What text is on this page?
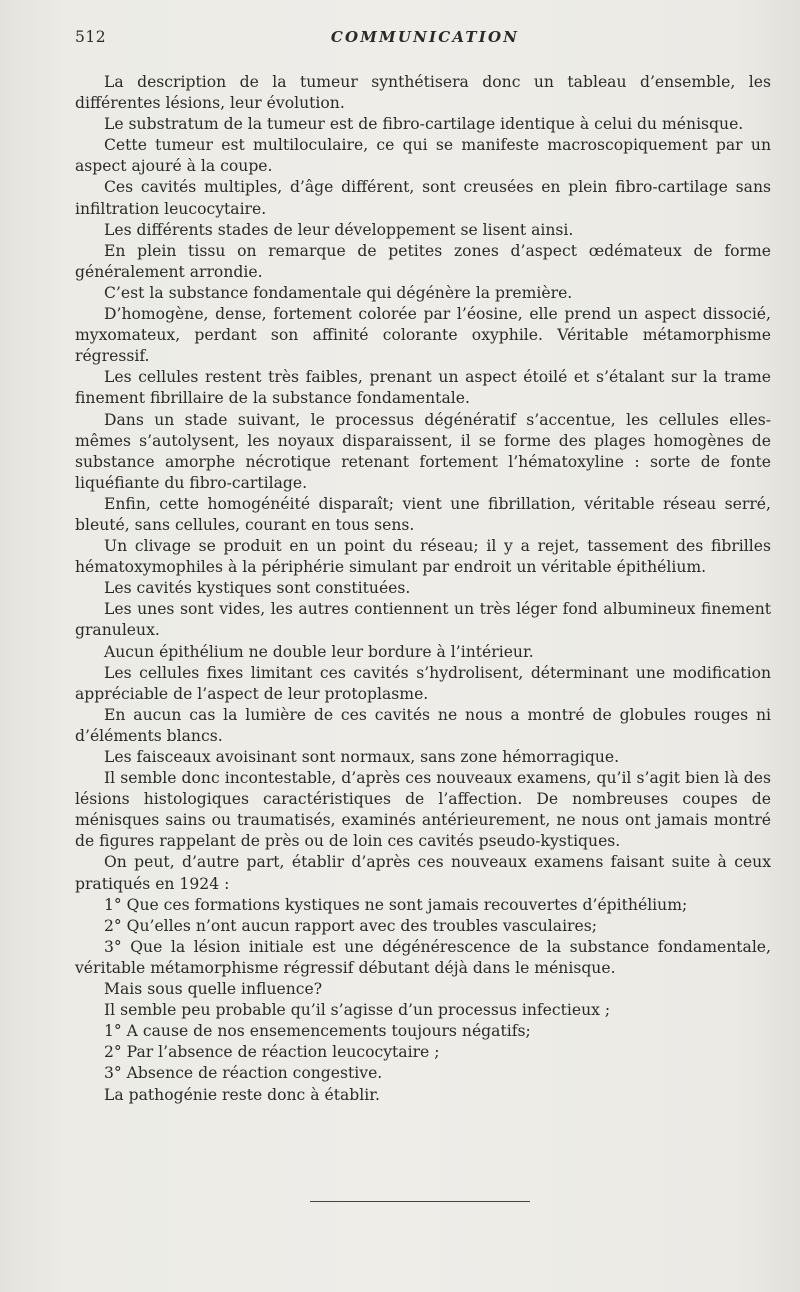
512	COMMUNICATION

La description de la tumeur synthétisera donc un tableau d’ensemble, les différentes lésions, leur évolution.

Le substratum de la tumeur est de fibro-cartilage identique à celui du ménisque.

Cette tumeur est multiloculaire, ce qui se manifeste macroscopiquement par un aspect ajouré à la coupe.

Ces cavités multiples, d’âge différent, sont creusées en plein fibro-cartilage sans infiltration leucocytaire.

Les différents stades de leur développement se lisent ainsi.

En plein tissu on remarque de petites zones d’aspect œdémateux de forme généralement arrondie.

C’est la substance fondamentale qui dégénère la première.

D’homogène, dense, fortement colorée par l’éosine, elle prend un aspect dissocié, myxomateux, perdant son affinité colorante oxyphile. Véritable métamorphisme régressif.

Les cellules restent très faibles, prenant un aspect étoilé et s’étalant sur la trame finement fibrillaire de la substance fondamentale.

Dans un stade suivant, le processus dégénératif s’accentue, les cellules elles-mêmes s’autolysent, les noyaux disparaissent, il se forme des plages homogènes de substance amorphe nécrotique retenant fortement l’hématoxyline : sorte de fonte liquéfiante du fibro-cartilage.

Enfin, cette homogénéité disparaît; vient une fibrillation, véritable réseau serré, bleuté, sans cellules, courant en tous sens.

Un clivage se produit en un point du réseau; il y a rejet, tassement des fibrilles hématoxymophiles à la périphérie simulant par endroit un véritable épithélium.

Les cavités kystiques sont constituées.

Les unes sont vides, les autres contiennent un très léger fond albumineux finement granuleux.

Aucun épithélium ne double leur bordure à l’intérieur.

Les cellules fixes limitant ces cavités s’hydrolisent, déterminant une modification appréciable de l’aspect de leur protoplasme.

En aucun cas la lumière de ces cavités ne nous a montré de globules rouges ni d’éléments blancs.

Les faisceaux avoisinant sont normaux, sans zone hémorragique.

Il semble donc incontestable, d’après ces nouveaux examens, qu’il s’agit bien là des lésions histologiques caractéristiques de l’affection. De nombreuses coupes de ménisques sains ou traumatisés, examinés antérieurement, ne nous ont jamais montré de figures rappelant de près ou de loin ces cavités pseudo-kystiques.

On peut, d’autre part, établir d’après ces nouveaux examens faisant suite à ceux pratiqués en 1924 :

1° Que ces formations kystiques ne sont jamais recouvertes d’épithélium;

2° Qu’elles n’ont aucun rapport avec des troubles vasculaires;

3° Que la lésion initiale est une dégénérescence de la substance fondamentale, véritable métamorphisme régressif débutant déjà dans le ménisque.

Mais sous quelle influence?

Il semble peu probable qu’il s’agisse d’un processus infectieux ;

1° A cause de nos ensemencements toujours négatifs;

2° Par l’absence de réaction leucocytaire ;

3° Absence de réaction congestive.

La pathogénie reste donc à établir.
